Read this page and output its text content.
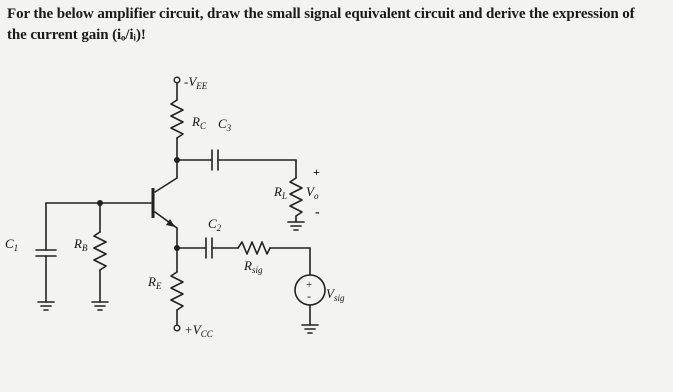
For the below amplifier circuit, draw the small signal equivalent circuit and derive the expression of
the current gain (iₒ/iᵢ)!
$-V_{EE}$
$R_C$ $C_3$
$C_2$
$C_1$	$R_B$
$R_E$
$R_{sig}$
$R_L$ $V_o$
+
-
+
- $V_{sig}$
$+V_{CC}$
